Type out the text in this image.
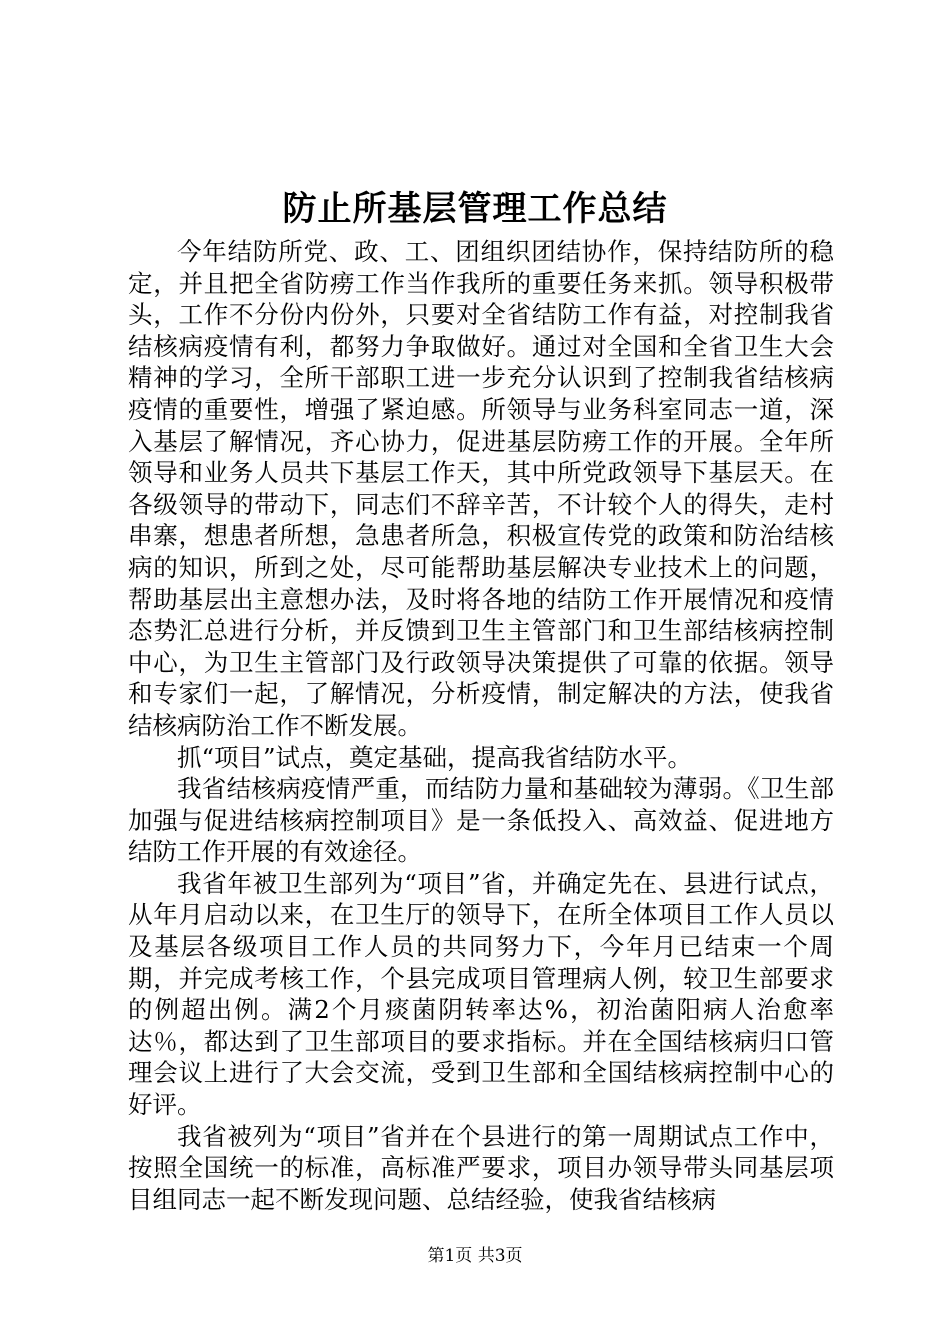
防止所基层管理工作总结

今年结防所党、政、工、团组织团结协作，保持结防所的稳定，并且把全省防痨工作当作我所的重要任务来抓。领导积极带头，工作不分份内份外，只要对全省结防工作有益，对控制我省结核病疫情有利，都努力争取做好。通过对全国和全省卫生大会精神的学习，全所干部职工进一步充分认识到了控制我省结核病疫情的重要性，增强了紧迫感。所领导与业务科室同志一道，深入基层了解情况，齐心协力，促进基层防痨工作的开展。全年所领导和业务人员共下基层工作天，其中所党政领导下基层天。在各级领导的带动下，同志们不辞辛苦，不计较个人的得失，走村串寨，想患者所想，急患者所急，积极宣传党的政策和防治结核病的知识，所到之处，尽可能帮助基层解决专业技术上的问题，帮助基层出主意想办法，及时将各地的结防工作开展情况和疫情态势汇总进行分析，并反馈到卫生主管部门和卫生部结核病控制中心，为卫生主管部门及行政领导决策提供了可靠的依据。领导和专家们一起，了解情况，分析疫情，制定解决的方法，使我省结核病防治工作不断发展。

抓“项目”试点，奠定基础，提高我省结防水平。

我省结核病疫情严重，而结防力量和基础较为薄弱。《卫生部加强与促进结核病控制项目》是一条低投入、高效益、促进地方结防工作开展的有效途径。

我省年被卫生部列为“项目”省，并确定先在、县进行试点，从年月启动以来，在卫生厅的领导下，在所全体项目工作人员以及基层各级项目工作人员的共同努力下，今年月已结束一个周期，并完成考核工作，个县完成项目管理病人例，较卫生部要求的例超出例。满2个月痰菌阴转率达%，初治菌阳病人治愈率达％，都达到了卫生部项目的要求指标。并在全国结核病归口管理会议上进行了大会交流，受到卫生部和全国结核病控制中心的好评。

我省被列为“项目”省并在个县进行的第一周期试点工作中，按照全国统一的标准，高标准严要求，项目办领导带头同基层项目组同志一起不断发现问题、总结经验，使我省结核病

第1页 共3页
